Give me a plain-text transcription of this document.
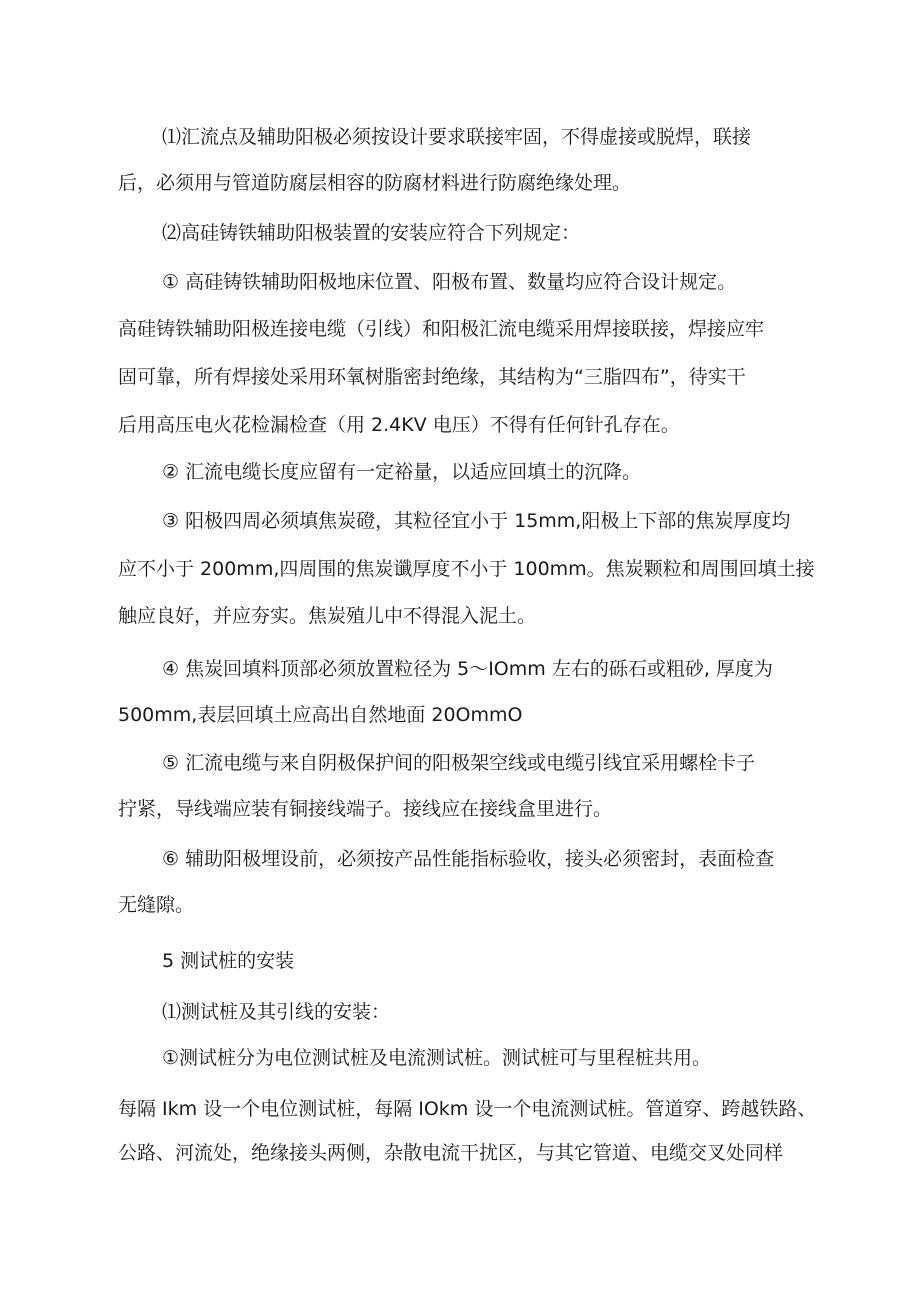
⑴汇流点及辅助阳极必须按设计要求联接牢固，不得虚接或脱焊，联接
后，必须用与管道防腐层相容的防腐材料进行防腐绝缘处理。
⑵高硅铸铁辅助阳极装置的安装应符合下列规定：
① 高硅铸铁辅助阳极地床位置、阳极布置、数量均应符合设计规定。
高硅铸铁辅助阳极连接电缆（引线）和阳极汇流电缆采用焊接联接，焊接应牢
固可靠，所有焊接处采用环氧树脂密封绝缘，其结构为“三脂四布”，待实干
后用高压电火花检漏检查（用 2.4KV 电压）不得有任何针孔存在。
② 汇流电缆长度应留有一定裕量，以适应回填土的沉降。
③ 阳极四周必须填焦炭磴，其粒径宜小于 15mm,阳极上下部的焦炭厚度均
应不小于 200mm,四周围的焦炭谶厚度不小于 100mm。焦炭颗粒和周围回填土接
触应良好，并应夯实。焦炭殖儿中不得混入泥土。
④ 焦炭回填料顶部必须放置粒径为 5～IOmm 左右的砾石或粗砂, 厚度为
500mm,表层回填土应高出自然地面 20OmmO
⑤ 汇流电缆与来自阴极保护间的阳极架空线或电缆引线宜采用螺栓卡子
拧紧，导线端应装有铜接线端子。接线应在接线盒里进行。
⑥ 辅助阳极埋设前，必须按产品性能指标验收，接头必须密封，表面检查
无缝隙。
5 测试桩的安装
⑴测试桩及其引线的安装：
①测试桩分为电位测试桩及电流测试桩。测试桩可与里程桩共用。
每隔 Ikm 设一个电位测试桩，每隔 IOkm 设一个电流测试桩。管道穿、跨越铁路、
公路、河流处，绝缘接头两侧，杂散电流干扰区，与其它管道、电缆交叉处同样
